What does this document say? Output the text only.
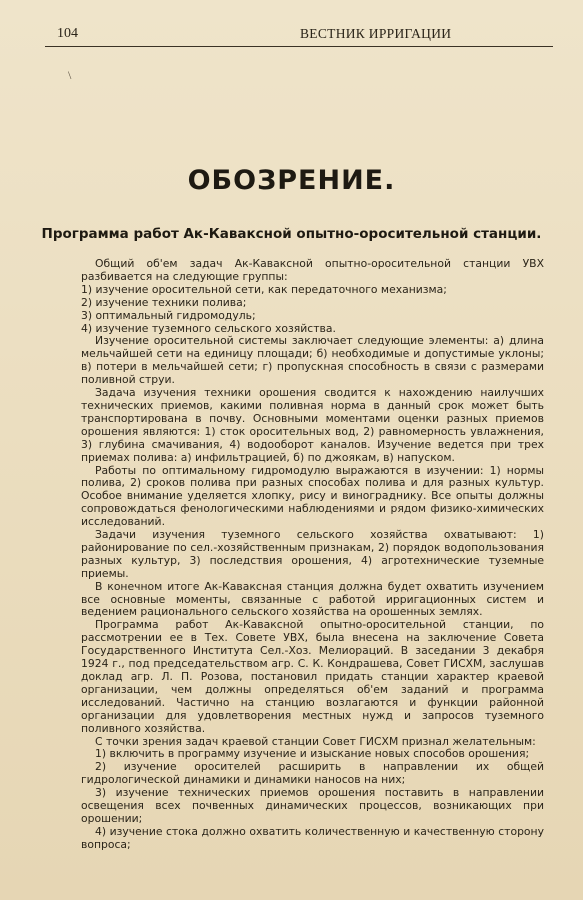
104	ВЕСТНИК ИРРИГАЦИИ
\
ОБОЗРЕНИЕ.
Программа работ Ак-Каваксной опытно-оросительной станции.

Общий об'ем задач Ак-Каваксной опытно-оросительной станции УВХ разбивается на следующие группы:

1) изучение оросительной сети, как передаточного механизма;

2) изучение техники полива;

3) оптимальный гидромодуль;

4) изучение туземного сельского хозяйства.

Изучение оросительной системы заключает следующие элементы: а) длина мельчайшей сети на единицу площади; б) необходимые и допустимые уклоны; в) потери в мельчайшей сети; г) пропускная способность в связи с размерами поливной струи.

Задача изучения техники орошения сводится к нахождению наилучших технических приемов, какими поливная норма в данный срок может быть транспортирована в почву. Основными моментами оценки разных приемов орошения являются: 1) сток оросительных вод, 2) равномерность увлажнения, 3) глубина смачивания, 4) водооборот каналов. Изучение ведется при трех приемах полива: а) инфильтрацией, б) по джоякам, в) напуском.

Работы по оптимальному гидромодулю выражаются в изучении: 1) нормы полива, 2) сроков полива при разных способах полива и для разных культур. Особое внимание уделяется хлопку, рису и винограднику. Все опыты должны сопровождаться фенологическими наблюдениями и рядом физико-химических исследований.

Задачи изучения туземного сельского хозяйства охватывают: 1) районирование по сел.-хозяйственным признакам, 2) порядок водопользования разных культур, 3) последствия орошения, 4) агротехнические туземные приемы.

В конечном итоге Ак-Каваксная станция должна будет охватить изучением все основные моменты, связанные с работой ирригационных систем и ведением рационального сельского хозяйства на орошенных землях.

Программа работ Ак-Каваксной опытно-оросительной станции, по рассмотрении ее в Тех. Совете УВХ, была внесена на заключение Совета Государственного Института Сел.-Хоз. Мелиораций. В заседании 3 декабря 1924 г., под председательством агр. С. К. Кондрашева, Совет ГИСХМ, заслушав доклад агр. Л. П. Розова, постановил придать станции характер краевой организации, чем должны определяться об'ем заданий и программа исследований. Частично на станцию возлагаются и функции районной организации для удовлетворения местных нужд и запросов туземного поливного хозяйства.

С точки зрения задач краевой станции Совет ГИСХМ признал желательным:

1) включить в программу изучение и изыскание новых способов орошения;

2) изучение оросителей расширить в направлении их общей гидрологической динамики и динамики наносов на них;

3) изучение технических приемов орошения поставить в направлении освещения всех почвенных динамических процессов, возникающих при орошении;

4) изучение стока должно охватить количественную и качественную сторону вопроса;
